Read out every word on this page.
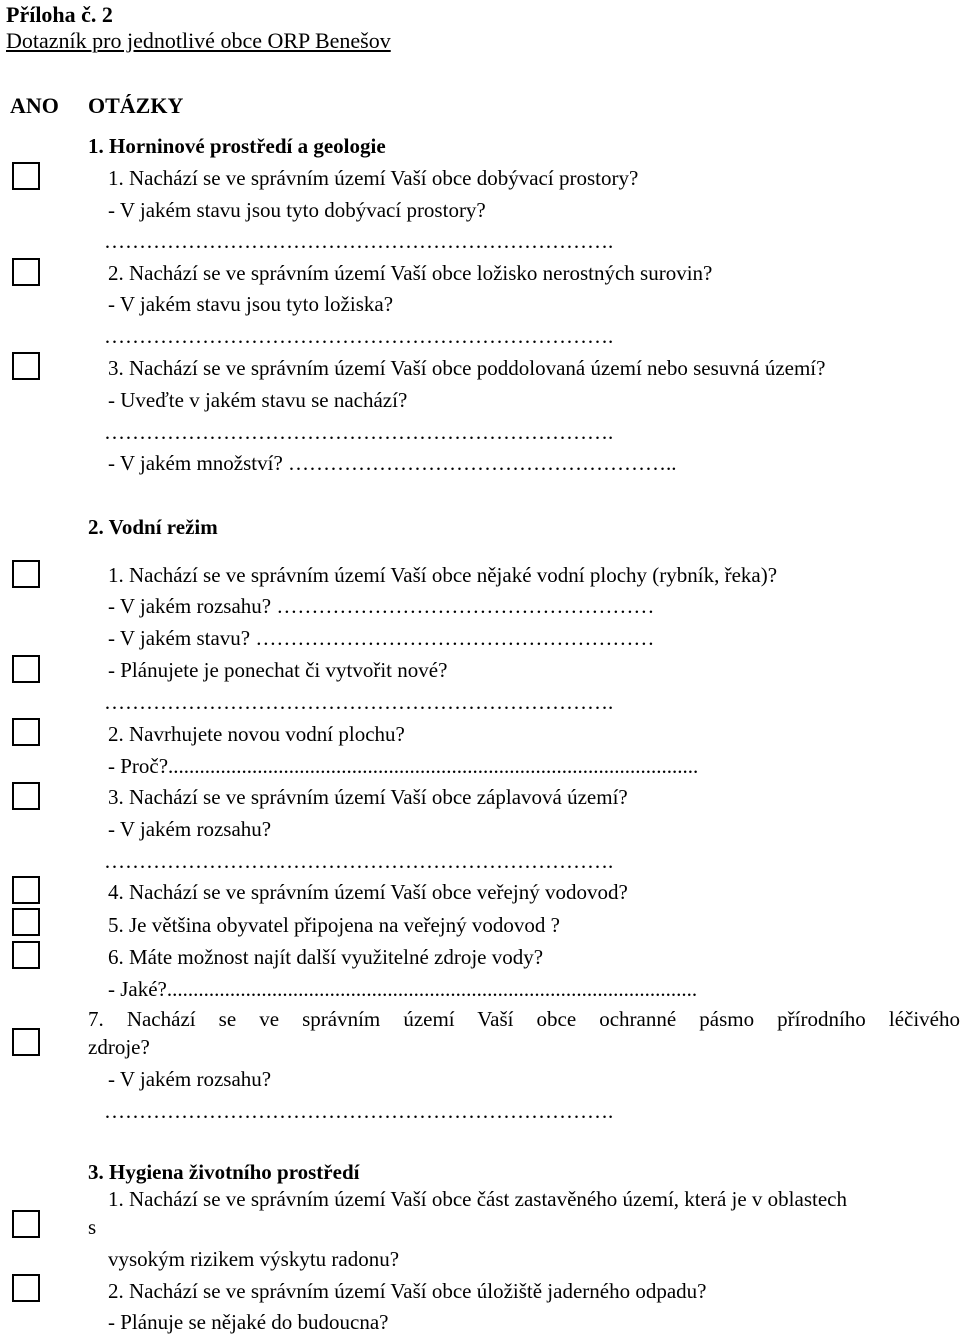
Příloha č. 2
Dotazník pro jednotlivé obce ORP Benešov
ANO OTÁZKY
1. Horninové prostředí a geologie
1. Nachází se ve správním území Vaší obce dobývací prostory?
- V jakém stavu jsou tyto dobývací prostory?
……………………………………………………………….
2. Nachází se ve správním území Vaší obce ložisko nerostných surovin?
- V jakém stavu jsou tyto ložiska?
……………………………………………………………….
3. Nachází se ve správním území Vaší obce poddolovaná území nebo sesuvná území?
- Uveďte v jakém stavu se nachází?
……………………………………………………………….
- V jakém množství? ………………………………………………..
2. Vodní režim
1. Nachází se ve správním území Vaší obce nějaké vodní plochy (rybník, řeka)?
- V jakém rozsahu? ………………………………………………
- V jakém stavu? …………………………………………………
- Plánujete je ponechat či vytvořit nové?
……………………………………………………………….
2. Navrhujete novou vodní plochu?
- Proč?.....................................................................................................
3. Nachází se ve správním území Vaší obce záplavová území?
- V jakém rozsahu?
……………………………………………………………….
4. Nachází se ve správním území Vaší obce veřejný vodovod?
5. Je většina obyvatel připojena na veřejný vodovod ?
6. Máte možnost najít další využitelné zdroje vody?
- Jaké?.....................................................................................................
7. Nachází se ve správním území Vaší obce ochranné pásmo přírodního léčivého
zdroje?
- V jakém rozsahu?
……………………………………………………………….
3. Hygiena životního prostředí
1. Nachází se ve správním území Vaší obce část zastavěného území, která je v oblastech
s
vysokým rizikem výskytu radonu?
2. Nachází se ve správním území Vaší obce úložiště jaderného odpadu?
- Plánuje se nějaké do budoucna?
